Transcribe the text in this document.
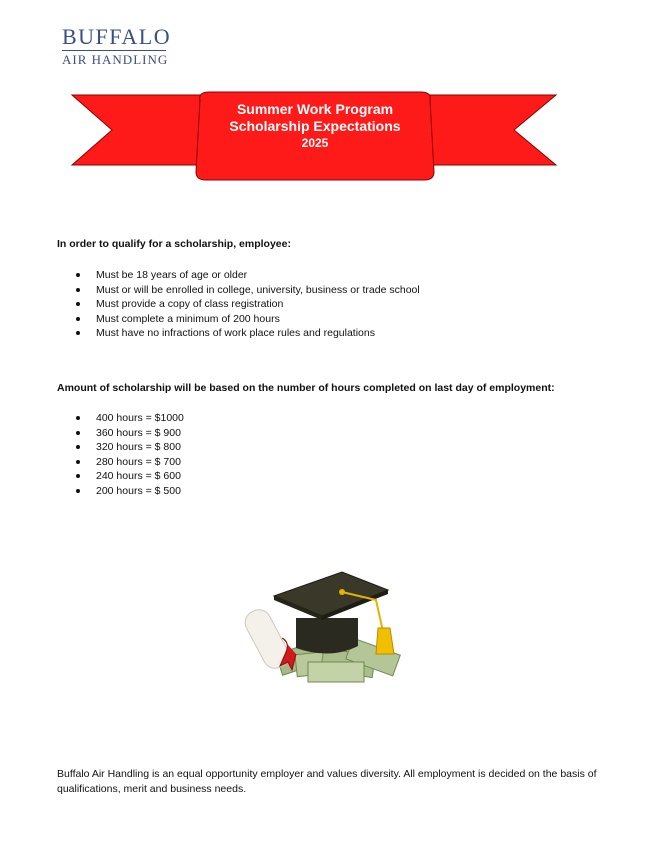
BUFFALO
AIR HANDLING
Summer Work Program
Scholarship Expectations
2025
In order to qualify for a scholarship, employee:
Must be 18 years of age or older
Must or will be enrolled in college, university, business or trade school
Must provide a copy of class registration
Must complete a minimum of 200 hours
Must have no infractions of work place rules and regulations
Amount of scholarship will be based on the number of hours completed on last day of employment:
400 hours = $1000
360 hours = $ 900
320 hours = $ 800
280 hours = $ 700
240 hours = $ 600
200 hours = $ 500
Buffalo Air Handling is an equal opportunity employer and values diversity. All employment is decided on the basis of qualifications, merit and business needs.
